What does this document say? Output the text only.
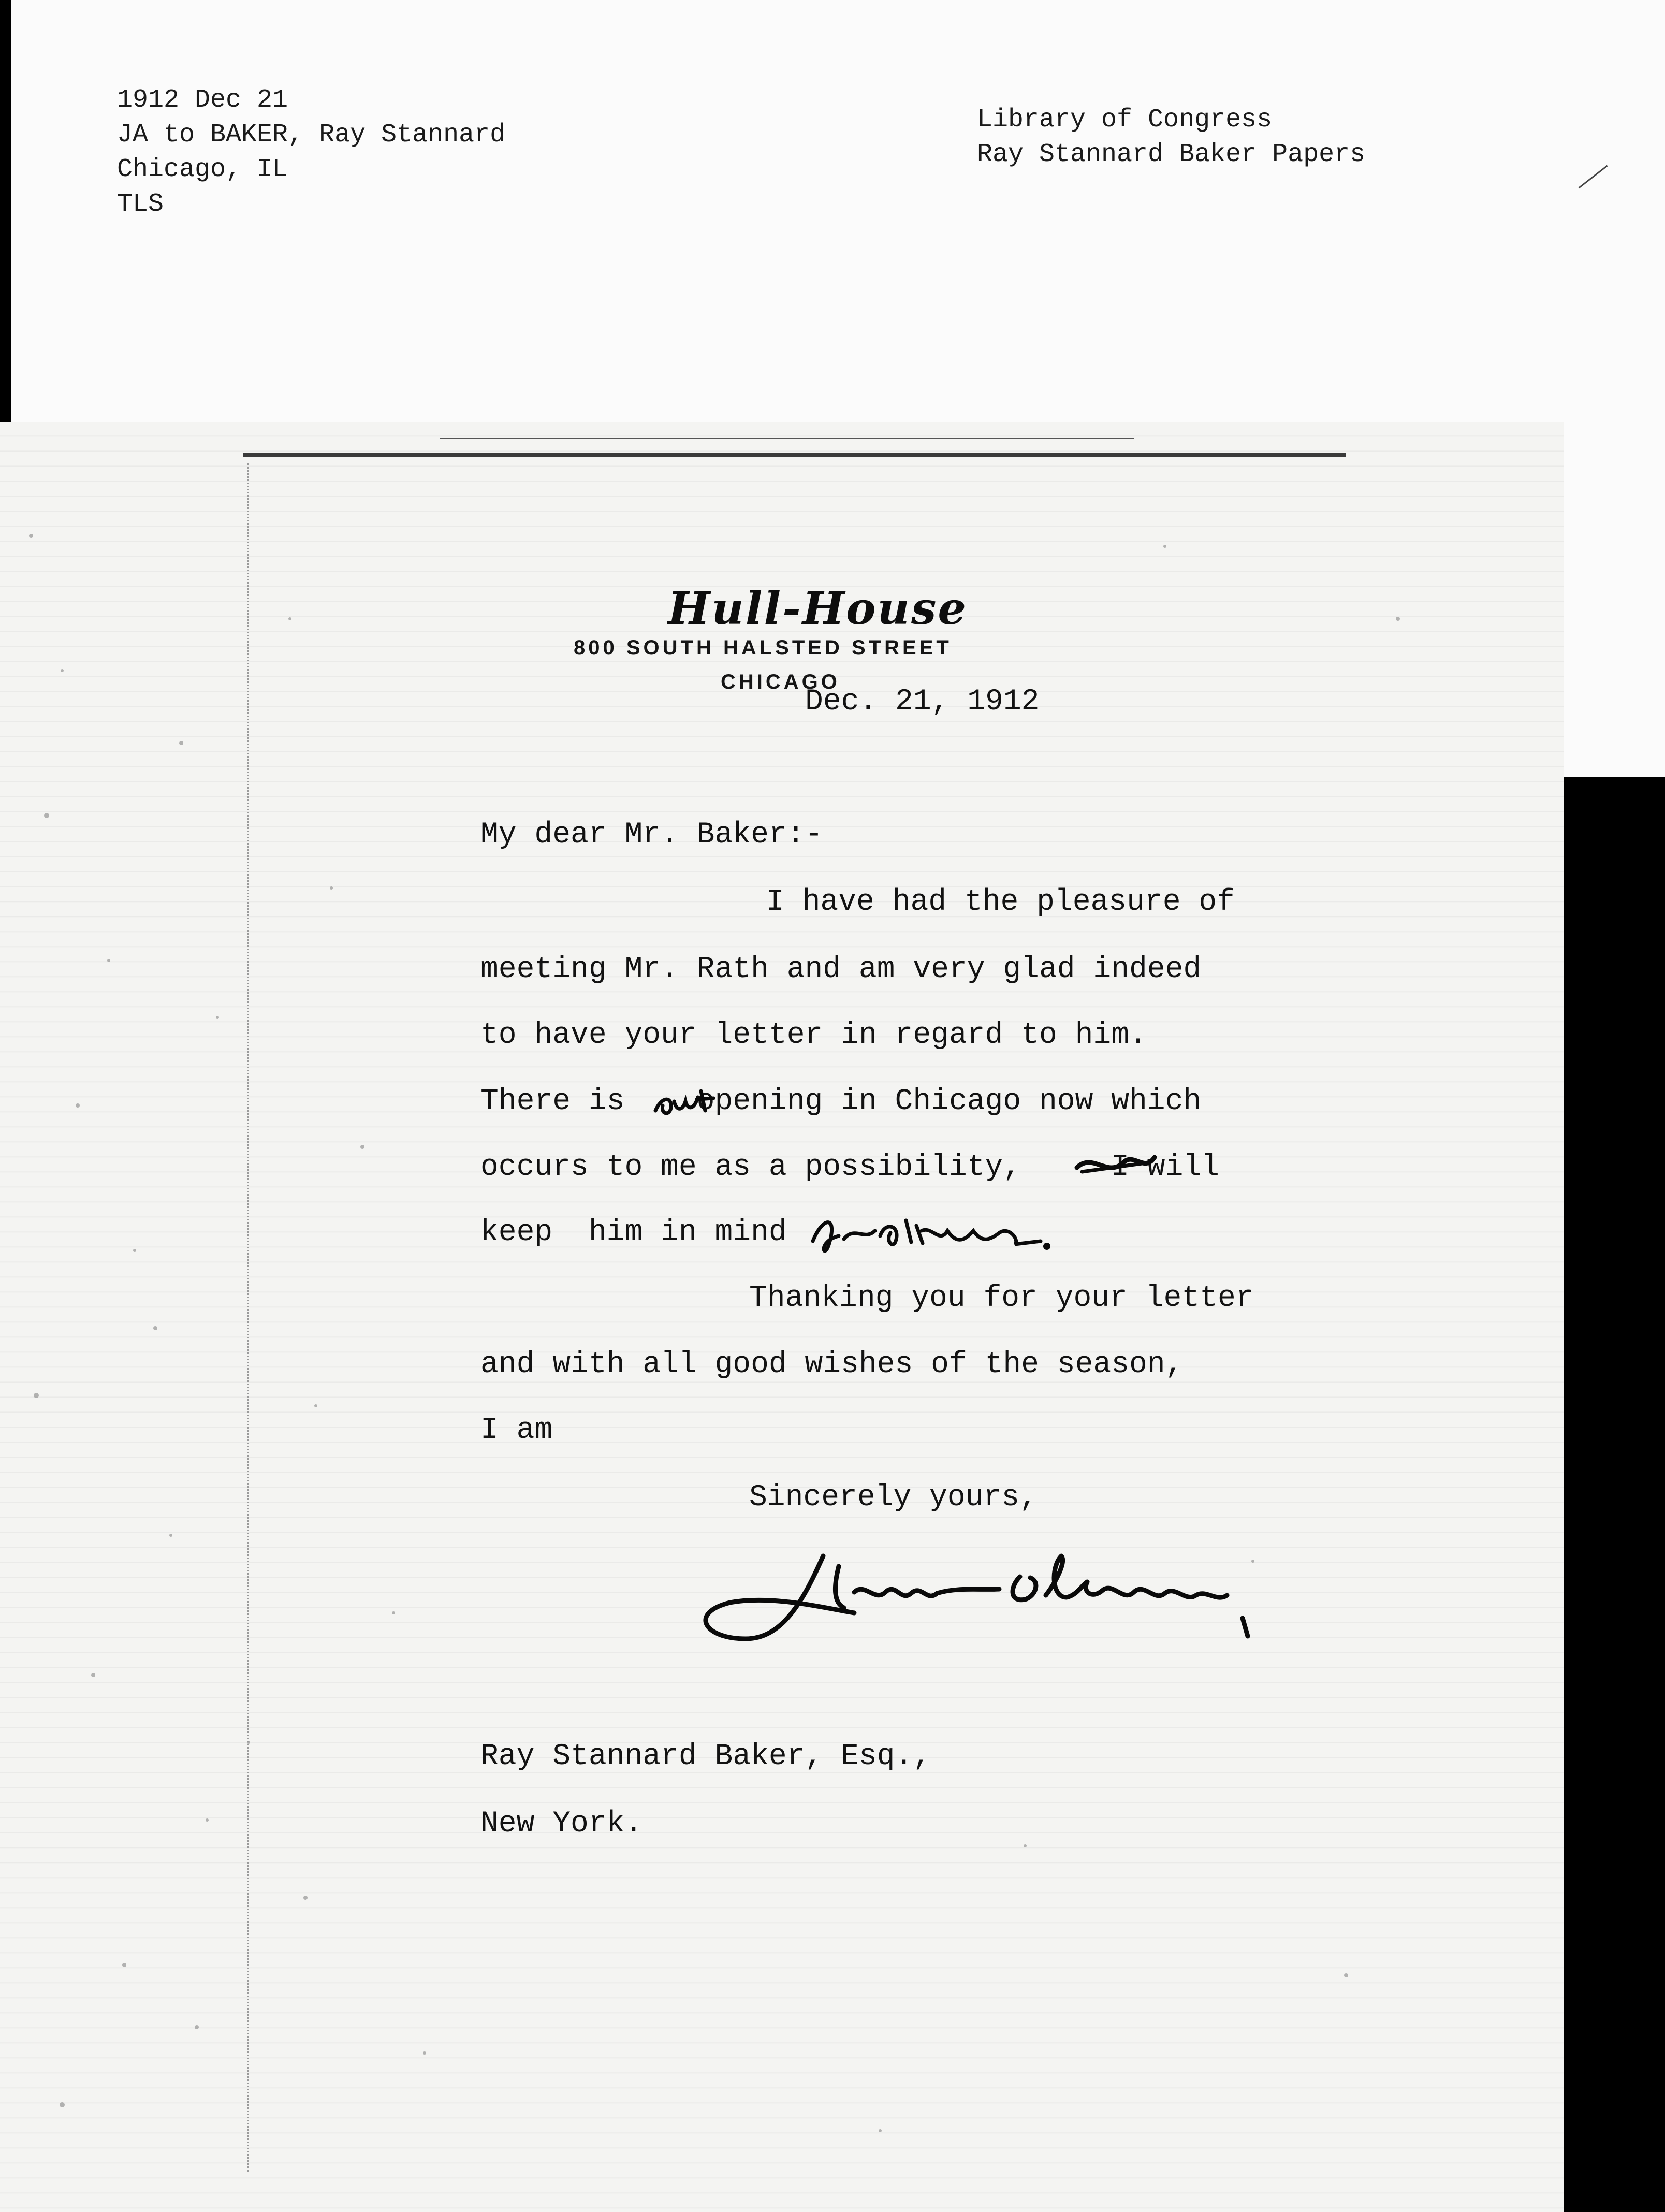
1912 Dec 21
JA to BAKER, Ray Stannard
Chicago, IL
TLS
Library of Congress
Ray Stannard Baker Papers
Hull-House
800 SOUTH HALSTED STREET
CHICAGO
Dec. 21, 1912
My dear Mr. Baker:-
I have had the pleasure of
meeting Mr. Rath and am very glad indeed
to have your letter in regard to him.
There is    opening in Chicago now which
occurs to me as a possibility,     I will
keep  him in mind
Thanking you for your letter
and with all good wishes of the season,
I am
Sincerely yours,
Ray Stannard Baker, Esq.,
New York.
